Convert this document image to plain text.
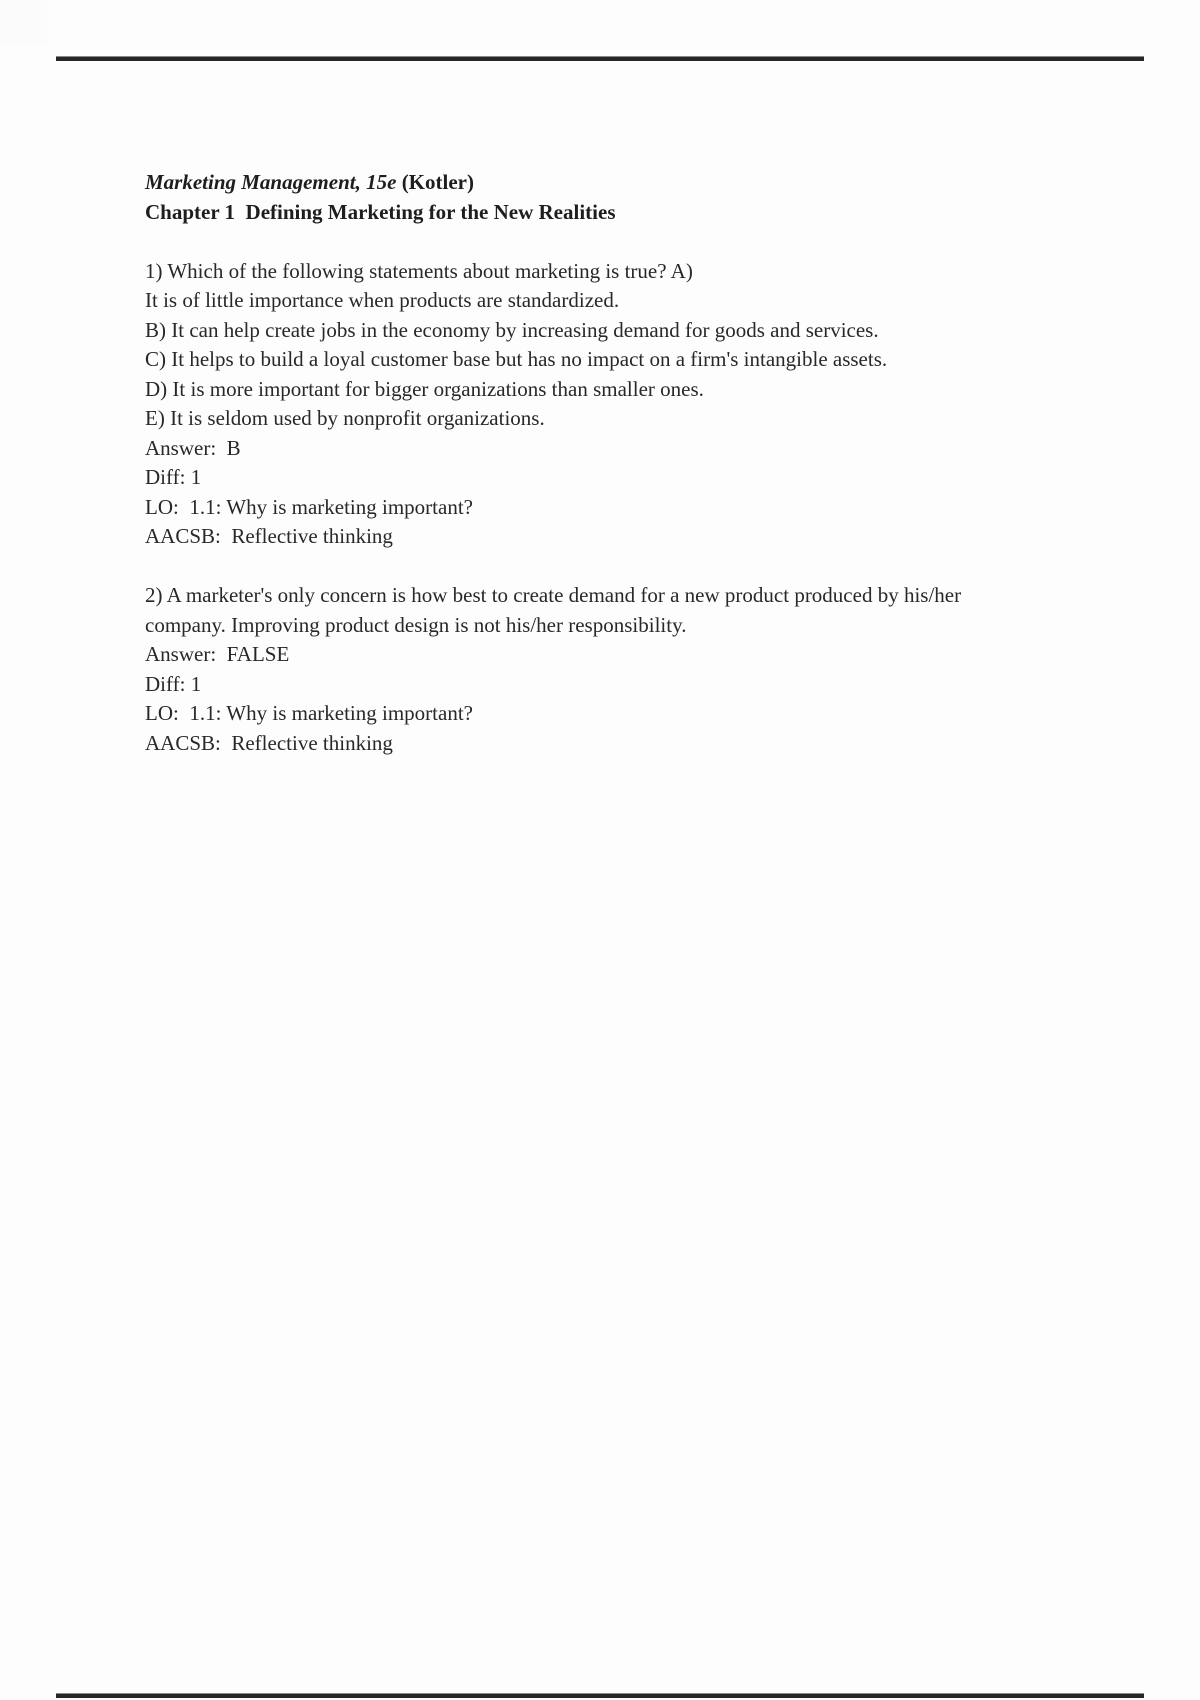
Marketing Management, 15e (Kotler)
Chapter 1  Defining Marketing for the New Realities
1) Which of the following statements about marketing is true? A)
It is of little importance when products are standardized.
B) It can help create jobs in the economy by increasing demand for goods and services.
C) It helps to build a loyal customer base but has no impact on a firm's intangible assets.
D) It is more important for bigger organizations than smaller ones.
E) It is seldom used by nonprofit organizations.
Answer:  B
Diff: 1
LO:  1.1: Why is marketing important?
AACSB:  Reflective thinking
2) A marketer's only concern is how best to create demand for a new product produced by his/her
company. Improving product design is not his/her responsibility.
Answer:  FALSE
Diff: 1
LO:  1.1: Why is marketing important?
AACSB:  Reflective thinking
